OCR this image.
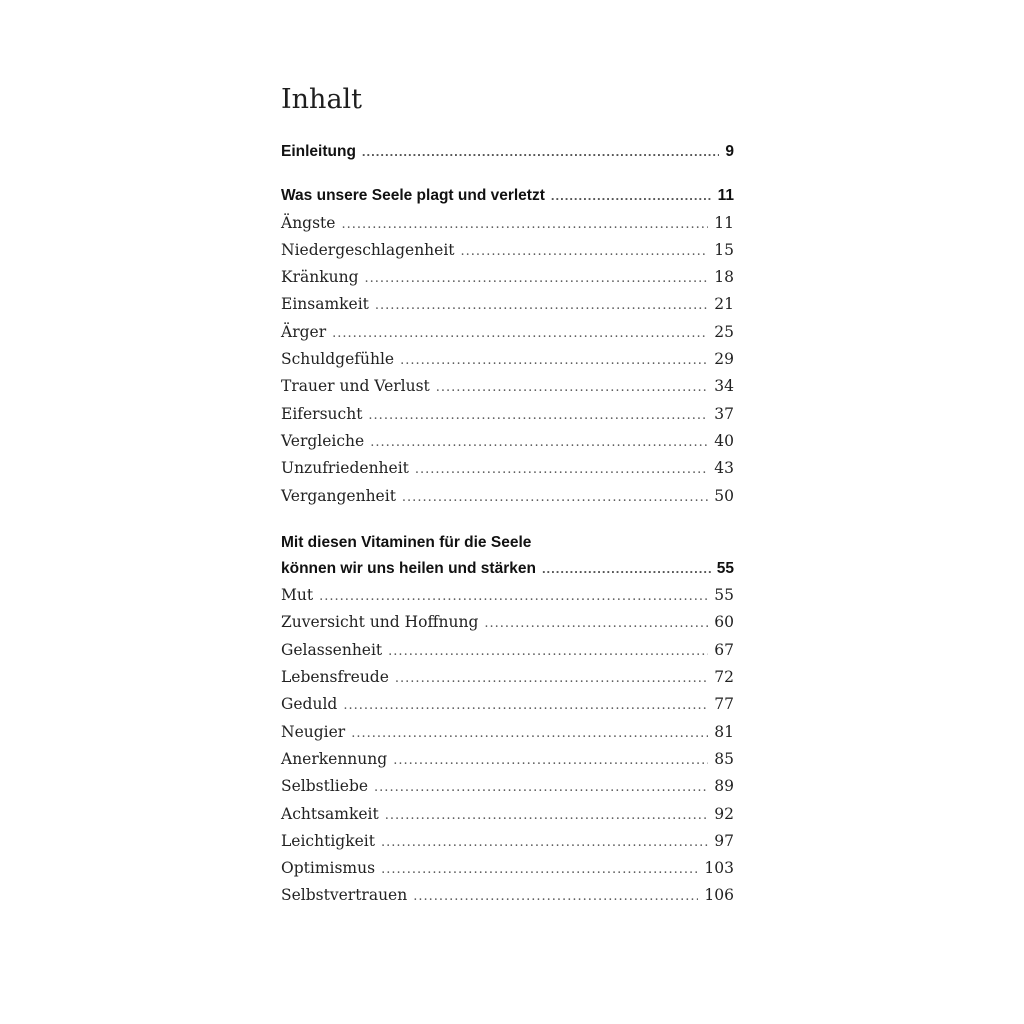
Inhalt
Einleitung .....	9
Was unsere Seele plagt und verletzt .....	11
Ängste .....	11
Niedergeschlagenheit .....	15
Kränkung .....	18
Einsamkeit .....	21
Ärger .....	25
Schuldgefühle .....	29
Trauer und Verlust .....	34
Eifersucht .....	37
Vergleiche .....	40
Unzufriedenheit .....	43
Vergangenheit .....	50
Mit diesen Vitaminen für die Seele
können wir uns heilen und stärken .....	55
Mut .....	55
Zuversicht und Hoffnung .....	60
Gelassenheit .....	67
Lebensfreude .....	72
Geduld .....	77
Neugier .....	81
Anerkennung .....	85
Selbstliebe .....	89
Achtsamkeit .....	92
Leichtigkeit .....	97
Optimismus .....	103
Selbstvertrauen .....	106
